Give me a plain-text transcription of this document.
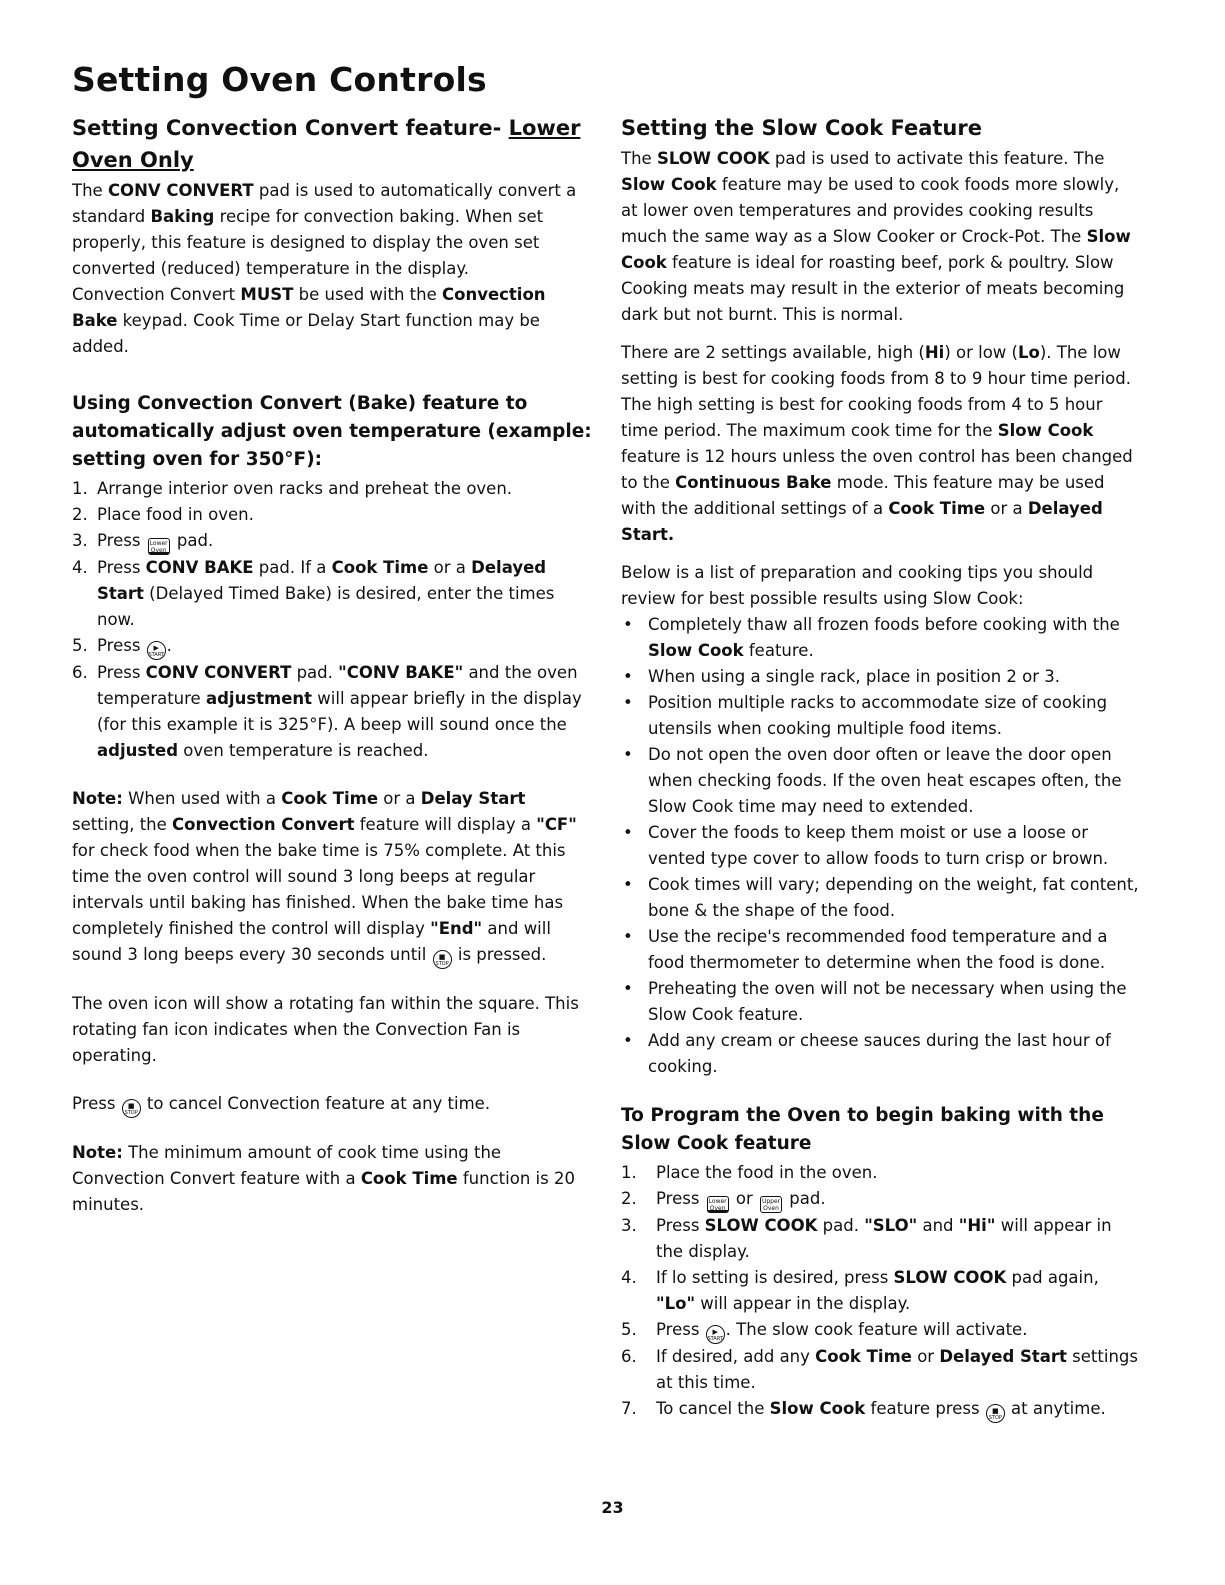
Setting Oven Controls
Setting Convection Convert feature- Lower Oven Only

The CONV CONVERT pad is used to automatically convert a standard Baking recipe for convection baking. When set properly, this feature is designed to display the oven set converted (reduced) temperature in the display.

Convection Convert MUST be used with the Convection Bake keypad. Cook Time or Delay Start function may be added.

Using Convection Convert (Bake) feature to automatically adjust oven temperature (example: setting oven for 350°F):
1. Arrange interior oven racks and preheat the oven.
2. Place food in oven.
3. Press Lower
Oven pad.
4. Press CONV BAKE pad. If a Cook Time or a Delayed Start (Delayed Timed Bake) is desired, enter the times now.
5. Press	▶
START .
6. Press CONV CONVERT pad. "CONV BAKE" and the oven temperature adjustment will appear briefly in the display (for this example it is 325°F). A beep will sound once the adjusted oven temperature is reached.

Note: When used with a Cook Time or a Delay Start setting, the Convection Convert feature will display a "CF" for check food when the bake time is 75% complete. At this time the oven control will sound 3 long beeps at regular intervals until baking has finished. When the bake time has completely finished the control will display "End" and will sound 3 long beeps every 30 seconds until	■
STOP is pressed.

The oven icon will show a rotating fan within the square. This rotating fan icon indicates when the Convection Fan is operating.

Press	■
STOP to cancel Convection feature at any time.

Note: The minimum amount of cook time using the Convection Convert feature with a Cook Time function is 20 minutes.

Setting the Slow Cook Feature

The SLOW COOK pad is used to activate this feature. The Slow Cook feature may be used to cook foods more slowly, at lower oven temperatures and provides cooking results much the same way as a Slow Cooker or Crock-Pot. The Slow Cook feature is ideal for roasting beef, pork & poultry. Slow Cooking meats may result in the exterior of meats becoming dark but not burnt. This is normal.

There are 2 settings available, high (Hi) or low (Lo). The low setting is best for cooking foods from 8 to 9 hour time period. The high setting is best for cooking foods from 4 to 5 hour time period. The maximum cook time for the Slow Cook feature is 12 hours unless the oven control has been changed to the Continuous Bake mode. This feature may be used with the additional settings of a Cook Time or a Delayed Start.

Below is a list of preparation and cooking tips you should review for best possible results using Slow Cook:

• Completely thaw all frozen foods before cooking with the Slow Cook feature.
• When using a single rack, place in position 2 or 3.
• Position multiple racks to accommodate size of cooking utensils when cooking multiple food items.
• Do not open the oven door often or leave the door open when checking foods. If the oven heat escapes often, the Slow Cook time may need to extended.
• Cover the foods to keep them moist or use a loose or vented type cover to allow foods to turn crisp or brown.
• Cook times will vary; depending on the weight, fat content, bone & the shape of the food.
• Use the recipe's recommended food temperature and a food thermometer to determine when the food is done.
• Preheating the oven will not be necessary when using the Slow Cook feature.
• Add any cream or cheese sauces during the last hour of cooking.
To Program the Oven to begin baking with the Slow Cook feature
1. Place the food in the oven.
2. Press Lower
Oven or Upper
Oven pad.
3. Press SLOW COOK pad. "SLO" and "Hi" will appear in the display.
4. If lo setting is desired, press SLOW COOK pad again, "Lo" will appear in the display.
5. Press	▶
START . The slow cook feature will activate.
6. If desired, add any Cook Time or Delayed Start settings at this time.
7. To cancel the Slow Cook feature press	■
STOP at anytime.
23
